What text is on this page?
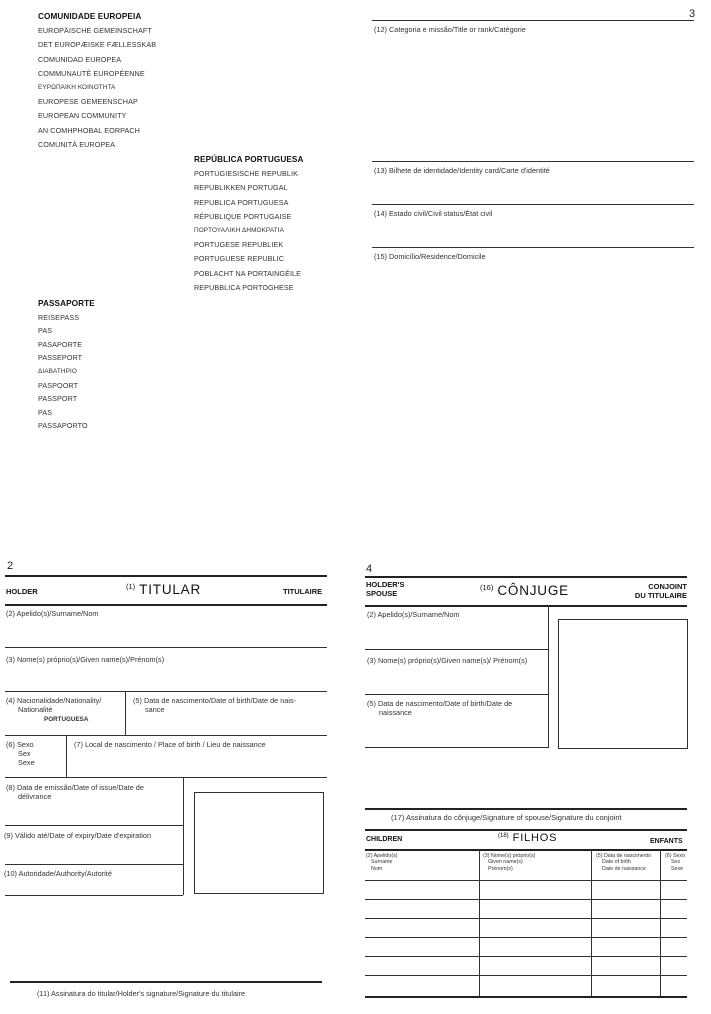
COMUNIDADE EUROPEIA
EUROPÄISCHE GEMEINSCHAFT
DET EUROPÆISKE FÆLLESSKAB
COMUNIDAD EUROPEA
COMMUNAUTÉ EUROPÉENNE
ΕΥΡΩΠΑΙΚΗ ΚΟΙΝΟΤΗΤΑ
EUROPESE GEMEENSCHAP
EUROPEAN COMMUNITY
AN COMHPHOBAL EORPACH
COMUNITÀ EUROPEA
REPÚBLICA PORTUGUESA
PORTUGIESISCHE REPUBLIK
REPUBLIKKEN PORTUGAL
REPUBLICA PORTUGUESA
RÉPUBLIQUE PORTUGAISE
ΠΟΡΤΟΥΑΛΙΚΗ ΔΗΜΟΚΡΑΤΙΑ
PORTUGESE REPUBLIEK
PORTUGUESE REPUBLIC
POBLACHT NA PORTAINGÉILE
REPUBBLICA PORTOGHESE
PASSAPORTE
REISEPASS
PAS
PASAPORTE
PASSEPORT
ΔΙΑΒΑΤΗΡΙΟ
PASPOORT
PASSPORT
PAS
PASSAPORTO
3
(12) Categoria e missão/Title or rank/Catégorie
(13) Bilhete de identidade/Identity card/Carte d'identité
(14) Estado civil/Civil status/État civil
(15) Domicílio/Residence/Domicile
2
HOLDER
$^{(1)}$ TITULAR	TITULAIRE
(2) Apelido(s)/Surname/Nom
(3) Nome(s) próprio(s)/Given name(s)/Prénom(s)
(4) Nacionalidade/Nationality/
Nationalité
PORTUGUESA
(5) Data de nascimento/Date of birth/Date de nais-
sance
(6) Sexo
Sex
Sexe
(7) Local de nascimento / Place of birth / Lieu de naissance
(8) Data de emissão/Date of issue/Date de
délivrance
(9) Válido até/Date of expiry/Date d'expiration
(10) Autoridade/Authority/Autorité
(11) Assinatura do titular/Holder's signature/Signature du titulaire
4
HOLDER'S
SPOUSE
$^{(16)}$ CÔNJUGE	CONJOINT
DU TITULAIRE
(2) Apelido(s)/Surname/Nom
(3) Nome(s) próprio(s)/Given name(s)/ Prénom(s)
(5) Data de nascimento/Date of birth/Date de
naissance
(17) Assinatura do cônjuge/Signature of spouse/Signature du conjoint
CHILDREN	$^{(18)}$ FILHOS	ENFANTS
(2) Apelido(s)
Surname
Nom
(3) Nome(s) próprio(s)
Given name(s)
Prénom(s)
(5) Data de nascimento
Date of birth
Date de naissance
(6) Sexo
Sex
Sexe
